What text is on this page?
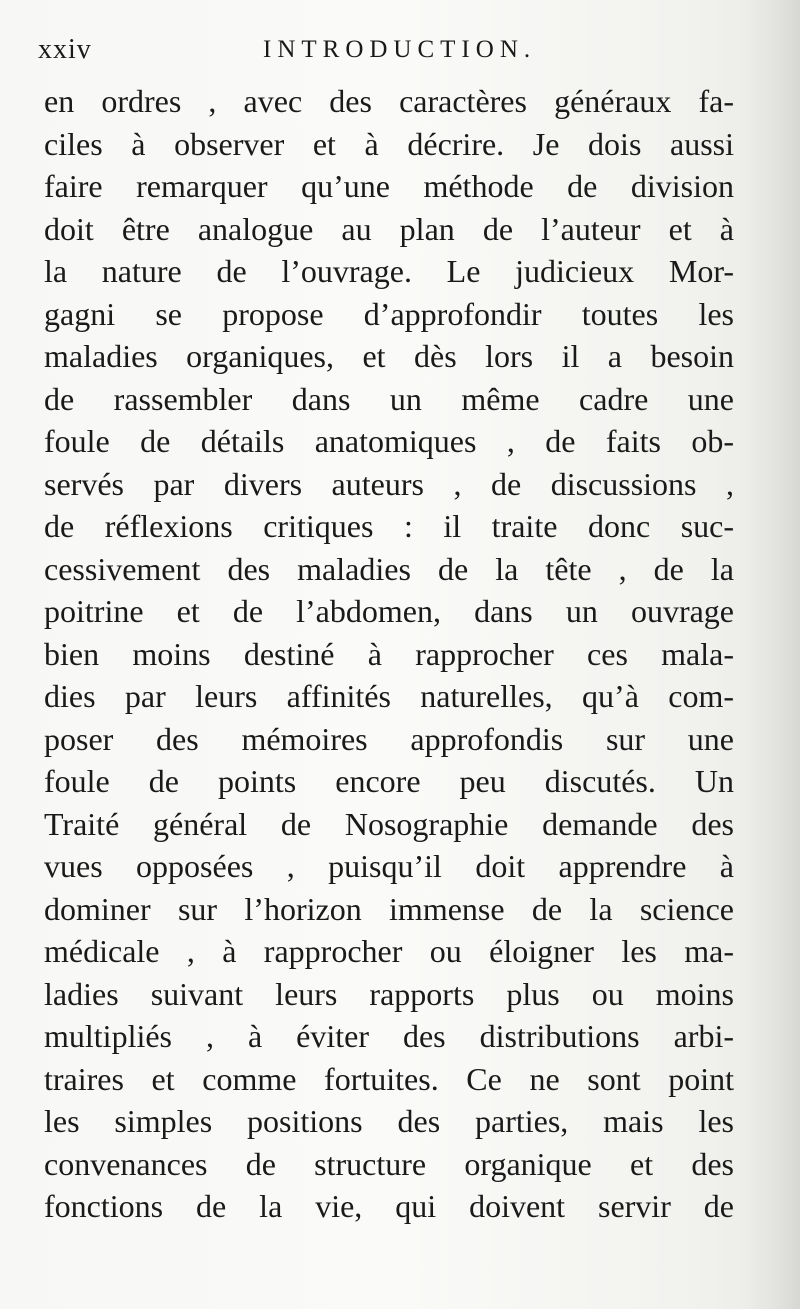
xxiv	INTRODUCTION.
en ordres , avec des caractères généraux fa-
ciles à observer et à décrire. Je dois aussi
faire remarquer qu’une méthode de division
doit être analogue au plan de l’auteur et à
la nature de l’ouvrage. Le judicieux Mor-
gagni se propose d’approfondir toutes les
maladies organiques, et dès lors il a besoin
de rassembler dans un même cadre une
foule de détails anatomiques , de faits ob-
servés par divers auteurs , de discussions ,
de réflexions critiques : il traite donc suc-
cessivement des maladies de la tête , de la
poitrine et de l’abdomen, dans un ouvrage
bien moins destiné à rapprocher ces mala-
dies par leurs affinités naturelles, qu’à com-
poser des mémoires approfondis sur une
foule de points encore peu discutés. Un
Traité général de Nosographie demande des
vues opposées , puisqu’il doit apprendre à
dominer sur l’horizon immense de la science
médicale , à rapprocher ou éloigner les ma-
ladies suivant leurs rapports plus ou moins
multipliés , à éviter des distributions arbi-
traires et comme fortuites. Ce ne sont point
les simples positions des parties, mais les
convenances de structure organique et des
fonctions de la vie, qui doivent servir de
